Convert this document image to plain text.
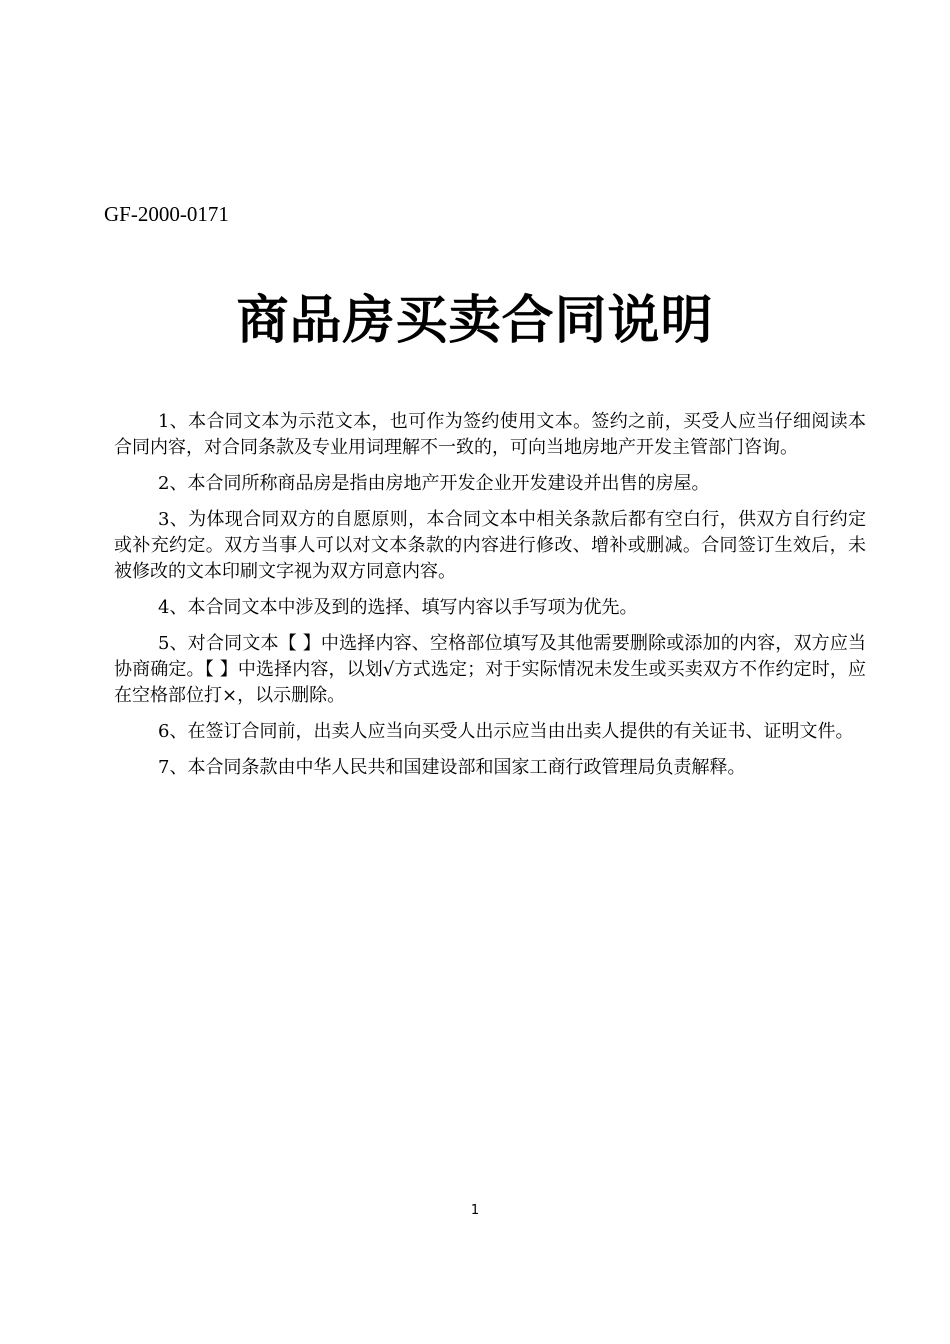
GF-2000-0171
商品房买卖合同说明

1、本合同文本为示范文本，也可作为签约使用文本。签约之前，买受人应当仔细阅读本合同内容，对合同条款及专业用词理解不一致的，可向当地房地产开发主管部门咨询。

2、本合同所称商品房是指由房地产开发企业开发建设并出售的房屋。

3、为体现合同双方的自愿原则，本合同文本中相关条款后都有空白行，供双方自行约定或补充约定。双方当事人可以对文本条款的内容进行修改、增补或删减。合同签订生效后，未被修改的文本印刷文字视为双方同意内容。

4、本合同文本中涉及到的选择、填写内容以手写项为优先。

5、对合同文本【 】中选择内容、空格部位填写及其他需要删除或添加的内容，双方应当协商确定。【 】中选择内容，以划√方式选定；对于实际情况未发生或买卖双方不作约定时，应在空格部位打×，以示删除。

6、在签订合同前，出卖人应当向买受人出示应当由出卖人提供的有关证书、证明文件。

7、本合同条款由中华人民共和国建设部和国家工商行政管理局负责解释。

1
